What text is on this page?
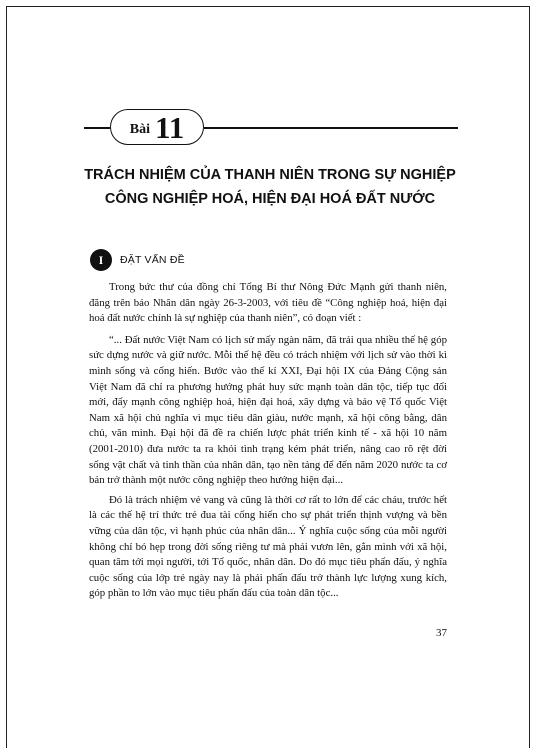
Bài 11
TRÁCH NHIỆM CỦA THANH NIÊN TRONG SỰ NGHIỆP
CÔNG NGHIỆP HOÁ, HIỆN ĐẠI HOÁ ĐẤT NƯỚC
I	ĐẶT VẤN ĐỀ

Trong bức thư của đồng chí Tổng Bí thư Nông Đức Mạnh gửi thanh niên, đăng trên báo Nhân dân ngày 26-3-2003, với tiêu đề “Công nghiệp hoá, hiện đại hoá đất nước chính là sự nghiệp của thanh niên”, có đoạn viết :

“... Đất nước Việt Nam có lịch sử mấy ngàn năm, đã trải qua nhiều thế hệ góp sức dựng nước và giữ nước. Mỗi thế hệ đều có trách nhiệm với lịch sử vào thời kì mình sống và cống hiến. Bước vào thế kỉ XXI, Đại hội IX của Đảng Cộng sản Việt Nam đã chỉ ra phương hướng phát huy sức mạnh toàn dân tộc, tiếp tục đổi mới, đẩy mạnh công nghiệp hoá, hiện đại hoá, xây dựng và bảo vệ Tổ quốc Việt Nam xã hội chủ nghĩa vì mục tiêu dân giàu, nước mạnh, xã hội công bằng, dân chủ, văn minh. Đại hội đã đề ra chiến lược phát triển kinh tế - xã hội 10 năm (2001-2010) đưa nước ta ra khỏi tình trạng kém phát triển, nâng cao rõ rệt đời sống vật chất và tinh thần của nhân dân, tạo nền tảng để đến năm 2020 nước ta cơ bản trở thành một nước công nghiệp theo hướng hiện đại...

Đó là trách nhiệm vẻ vang và cũng là thời cơ rất to lớn để các cháu, trước hết là các thế hệ trí thức trẻ đua tài cống hiến cho sự phát triển thịnh vượng và bền vững của dân tộc, vì hạnh phúc của nhân dân... Ý nghĩa cuộc sống của mỗi người không chỉ bó hẹp trong đời sống riêng tư mà phải vươn lên, gắn mình với xã hội, quan tâm tới mọi người, tới Tổ quốc, nhân dân. Do đó mục tiêu phấn đấu, ý nghĩa cuộc sống của lớp trẻ ngày nay là phải phấn đấu trở thành lực lượng xung kích, góp phần to lớn vào mục tiêu phấn đấu của toàn dân tộc...

37
